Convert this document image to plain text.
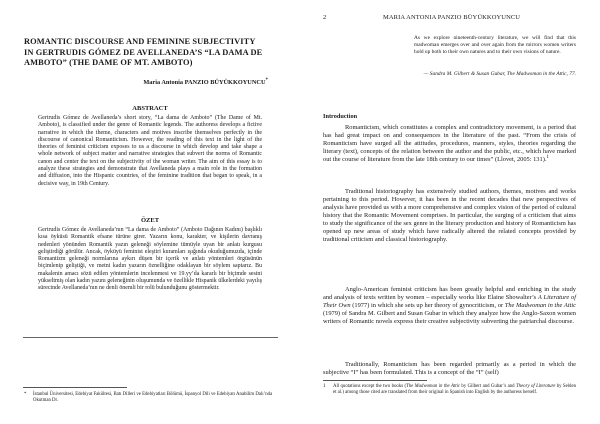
ROMANTIC DISCOURSE AND FEMININE SUBJECTIVITY IN GERTRUDIS GÓMEZ DE AVELLANEDA’S “LA DAMA DE AMBOTO” (THE DAME OF MT. AMBOTO)
Maria Antonia PANZIO BÜYÜKKOYUNCU*
ABSTRACT
Gertrudis Gómez de Avellaneda’s short story, “La dama de Amboto” (The Dame of Mt. Amboto), is classified under the genre of Romantic legends. The authoress develops a fictive narrative in which the theme, characters and motives inscribe themselves perfectly in the discourse of canonical Romanticism. However, the reading of this text in the light of the theories of feminist criticism exposes to us a discourse in which develop and take shape a whole network of subject matter and narrative strategies that subvert the norms of Romantic canon and center the text on the subjectivity of the woman writer. The aim of this essay is to analyze these strategies and demonstrate that Avellaneda plays a main role in the formation and diffusion, into the Hispanic countries, of the feminine tradition that began to speak, in a decisive way, in 19th Century.
ÖZET
Gertrudis Gómez de Avellaneda’nın “La dama de Amboto” (Amboto Dağının Kadını) başlıklı kısa öyküsü Romantik efsane türüne girer. Yazarın konu, karakter, ve kişilerin davranış nedenleri yönünden Romantik yazın geleneği söylemine tümüyle uyan bir anlatı kurgusu geliştirdiği görülür. Ancak, öyküyü feminist eleştiri kuramları ışığında okuduğumuzda, içinde Romantizm geleneği normlarına aykırı düşen bir içerik ve anlatı yöntemleri örgüsünün biçimlenip geliştiği, ve metni kadın yazarın öznelliğine odaklayan bir söylem saptarız. Bu makalenin amacı sözü edilen yöntemlerin incelenmesi ve 19.yy’da kararlı bir biçimde sesini yükseltmiş olan kadın yazını geleneğinin oluşumunda ve özellikle Hispanik ülkelerdeki yayılış sürecinde Avellaneda’nın ne denli önemli bir rolü bulunduğunu göstermektir.
* İstanbul Üniversitesi, Edebiyat Fakültesi, Batı Dilleri ve Edebiyatları Bölümü, İspanyol Dili ve Edebiyatı Anabilim Dalı’nda Okutman Dr.
2	MARIA ANTONIA PANZIO BÜYÜKKOYUNCU
As we explore nineteenth-century literature, we will find that this madwoman emerges over and over again from the mirrors women writers hold up both to their own natures and to their own visions of nature.
— Sandra M. Gilbert & Susan Gubar, The Madwoman in the Attic, 77.
Introduction

Romanticism, which constitutes a complex and contradictory movement, is a period that has had great impact on and consequences in the literature of the past. “From the crisis of Romanticism have surged all the attitudes, procedures, manners, styles, theories regarding the literary (text), concepts of the relation between the author and the public, etc., which have marked out the course of literature from the late 18th century to our times” (Llovet, 2005: 131).$^1$

Traditional historiography has extensively studied authors, themes, motives and works pertaining to this period. However, it has been in the recent decades that new perspectives of analysis have provided us with a more comprehensive and complex vision of the period of cultural history that the Romantic Movement comprises. In particular, the surging of a criticism that aims to study the significance of the sex genre in the literary production and history of Romanticism has opened up new areas of study which have radically altered the related concepts provided by traditional criticism and classical historiography.

Anglo-American feminist criticism has been greatly helpful and enriching in the study and analysis of texts written by women – especially works like Elaine Showalter’s A Literature of Their Own (1977) in which she sets up her theory of gynocriticism, or The Madwoman in the Attic (1979) of Sandra M. Gilbert and Susan Gubar in which they analyze how the Anglo-Saxon women writers of Romantic novels express their creative subjectivity subverting the patriarchal discourse.

Traditionally, Romanticism has been regarded primarily as a period in which the subjective “I” has been formulated. This is a concept of the “I” (self)

1 All quotations except the two books (The Madwoman in the Attic by Gilbert and Gubar’s and Theory of Literature by Selden et al.) among those cited are translated from their original in Spanish into English by the authoress herself.
